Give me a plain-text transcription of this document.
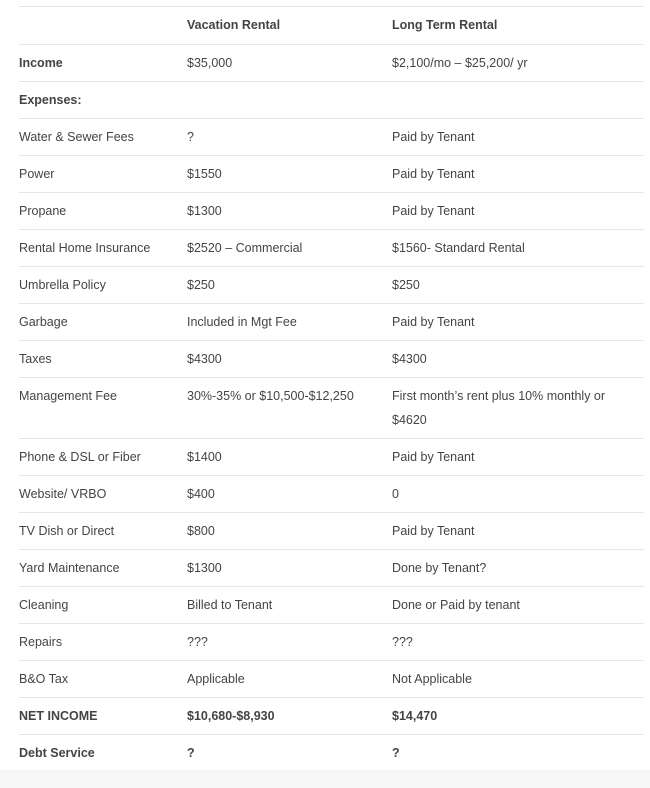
	Vacation Rental	Long Term Rental
Income	$35,000	$2,100/mo – $25,200/ yr
Expenses:		
Water & Sewer Fees	?	Paid by Tenant
Power	$1550	Paid by Tenant
Propane	$1300	Paid by Tenant
Rental Home Insurance	$2520 – Commercial	$1560- Standard Rental
Umbrella Policy	$250	$250
Garbage	Included in Mgt Fee	Paid by Tenant
Taxes	$4300	$4300
Management Fee	30%-35% or $10,500-$12,250	First month’s rent plus 10% monthly or $4620
Phone & DSL or Fiber	$1400	Paid by Tenant
Website/ VRBO	$400	0
TV Dish or Direct	$800	Paid by Tenant
Yard Maintenance	$1300	Done by Tenant?
Cleaning	Billed to Tenant	Done or Paid by tenant
Repairs	???	???
B&O Tax	Applicable	Not Applicable
NET INCOME	$10,680-$8,930	$14,470
Debt Service	?	?
